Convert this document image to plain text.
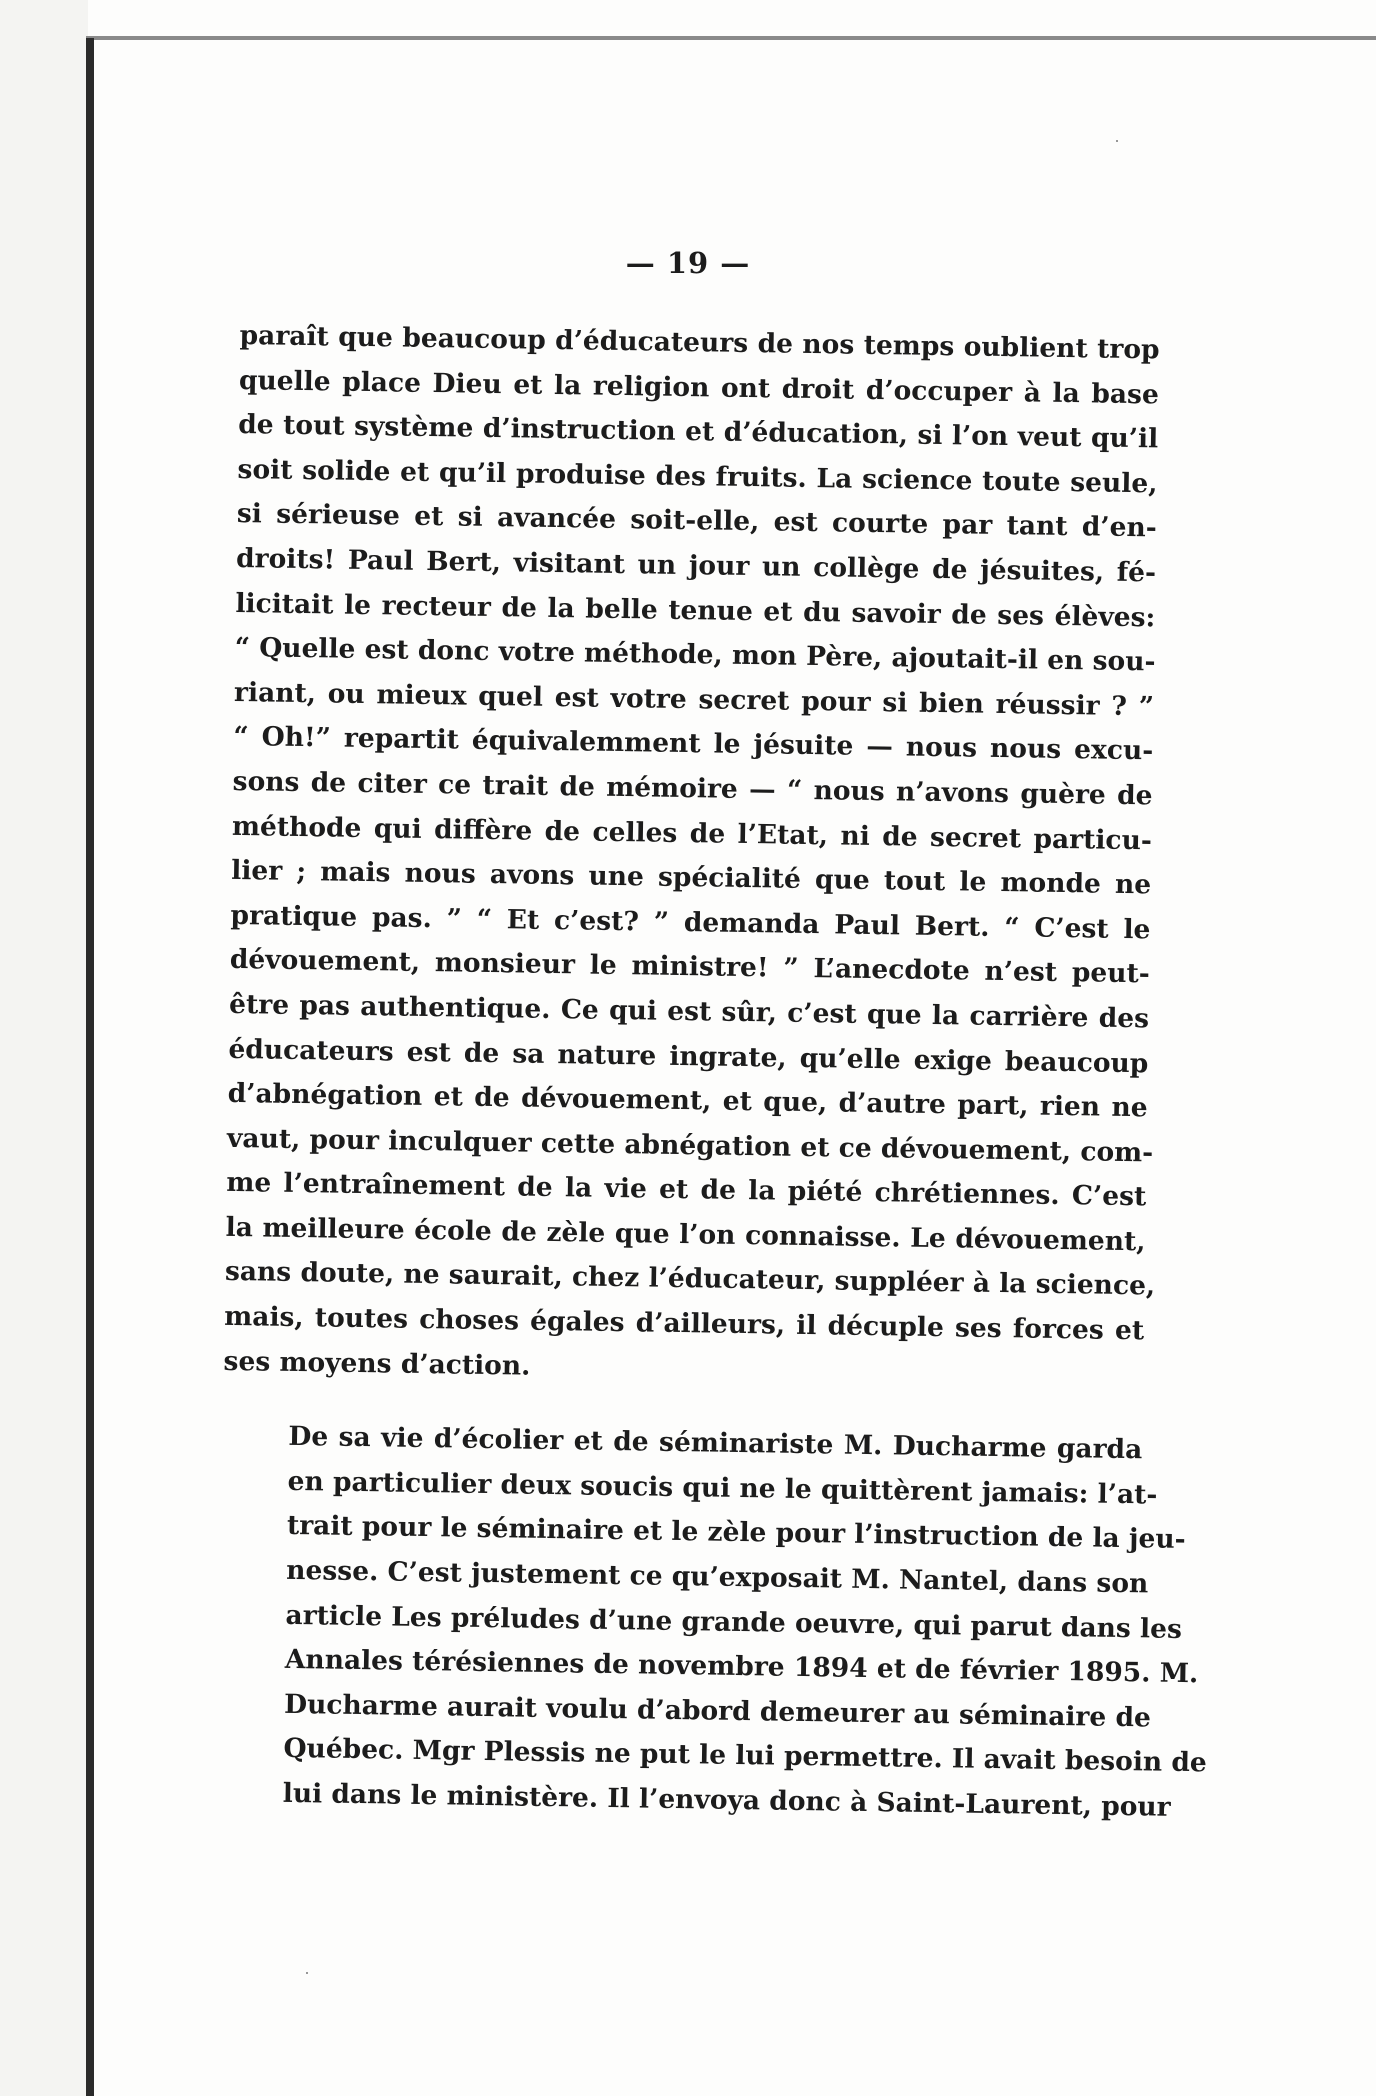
— 19 —

paraît que beaucoup d’éducateurs de nos temps oublient trop
quelle place Dieu et la religion ont droit d’occuper à la base
de tout système d’instruction et d’éducation, si l’on veut qu’il
soit solide et qu’il produise des fruits. La science toute seule,
si sérieuse et si avancée soit-elle, est courte par tant d’en-
droits! Paul Bert, visitant un jour un collège de jésuites, fé-
licitait le recteur de la belle tenue et du savoir de ses élèves:
“ Quelle est donc votre méthode, mon Père, ajoutait-il en sou-
riant, ou mieux quel est votre secret pour si bien réussir ? ”
“ Oh!” repartit équivalemment le jésuite — nous nous excu-
sons de citer ce trait de mémoire — “ nous n’avons guère de
méthode qui diffère de celles de l’Etat, ni de secret particu-
lier ; mais nous avons une spécialité que tout le monde ne
pratique pas. ” “ Et c’est? ” demanda Paul Bert. “ C’est le
dévouement, monsieur le ministre! ” L’anecdote n’est peut-
être pas authentique. Ce qui est sûr, c’est que la carrière des
éducateurs est de sa nature ingrate, qu’elle exige beaucoup
d’abnégation et de dévouement, et que, d’autre part, rien ne
vaut, pour inculquer cette abnégation et ce dévouement, com-
me l’entraînement de la vie et de la piété chrétiennes. C’est
la meilleure école de zèle que l’on connaisse. Le dévouement,
sans doute, ne saurait, chez l’éducateur, suppléer à la science,
mais, toutes choses égales d’ailleurs, il décuple ses forces et
ses moyens d’action.

De sa vie d’écolier et de séminariste M. Ducharme garda
en particulier deux soucis qui ne le quittèrent jamais: l’at-
trait pour le séminaire et le zèle pour l’instruction de la jeu-
nesse. C’est justement ce qu’exposait M. Nantel, dans son
article Les préludes d’une grande oeuvre, qui parut dans les
Annales térésiennes de novembre 1894 et de février 1895. M.
Ducharme aurait voulu d’abord demeurer au séminaire de
Québec. Mgr Plessis ne put le lui permettre. Il avait besoin de
lui dans le ministère. Il l’envoya donc à Saint-Laurent, pour
